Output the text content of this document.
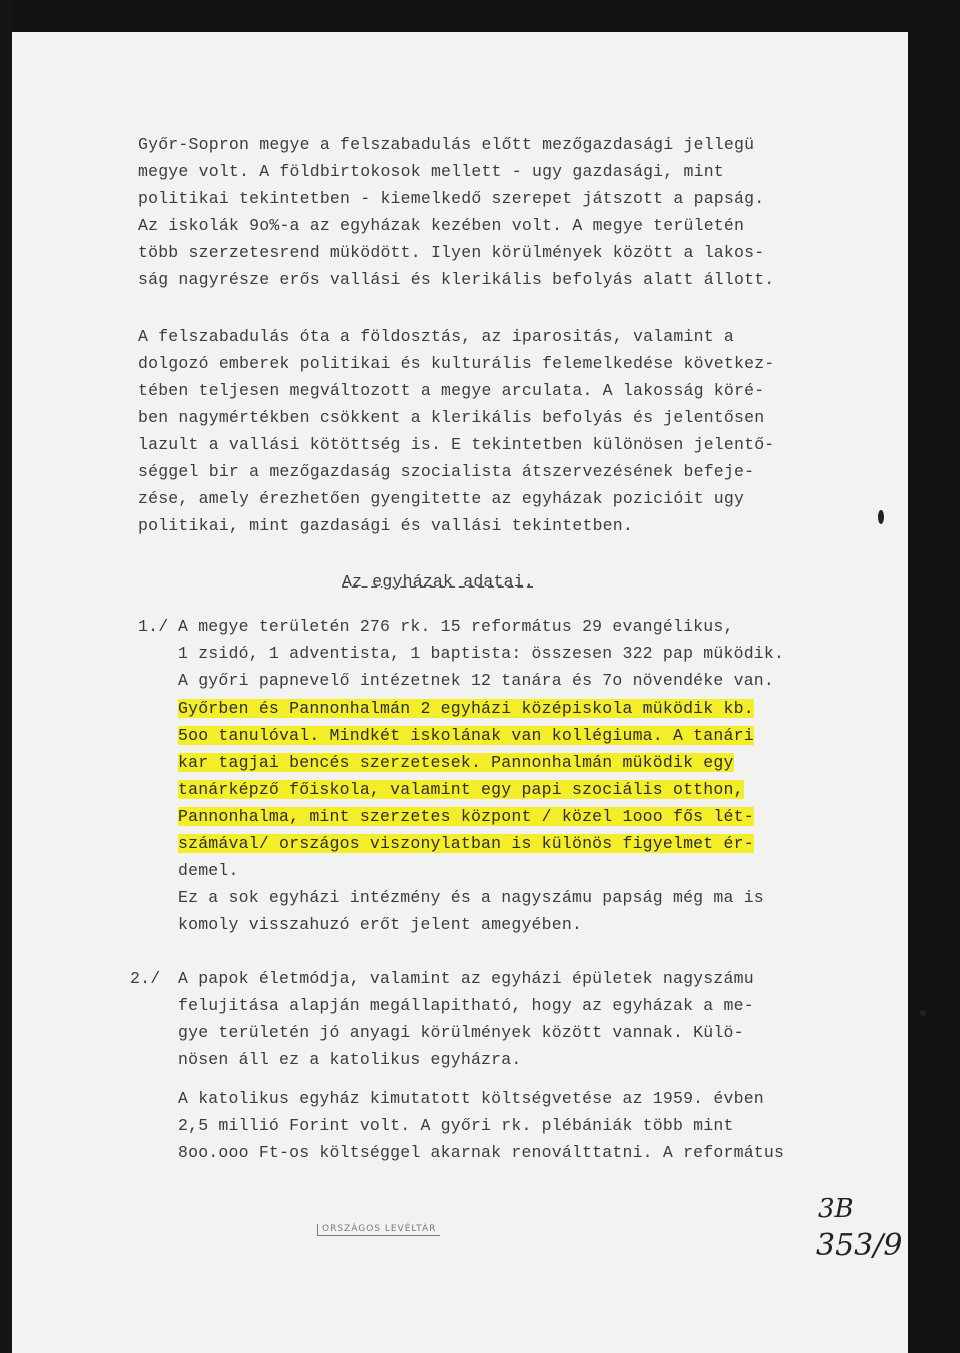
Győr-Sopron megye a felszabadulás előtt mezőgazdasági jellegü
megye volt. A földbirtokosok mellett - ugy gazdasági, mint
politikai tekintetben - kiemelkedő szerepet játszott a papság.
Az iskolák 9o%-a az egyházak kezében volt. A megye területén
több szerzetesrend müködött. Ilyen körülmények között a lakos-
ság nagyrésze erős vallási és klerikális befolyás alatt állott.
A felszabadulás óta a földosztás, az iparositás, valamint a
dolgozó emberek politikai és kulturális felemelkedése következ-
tében teljesen megváltozott a megye arculata. A lakosság köré-
ben nagymértékben csökkent a klerikális befolyás és jelentősen
lazult a vallási kötöttség is. E tekintetben különösen jelentő-
séggel bir a mezőgazdaság szocialista átszervezésének befeje-
zése, amely érezhetően gyengitette az egyházak pozicióit ugy
politikai, mint gazdasági és vallási tekintetben.
Az egyházak adatai.
1./ A megye területén 276 rk. 15 református 29 evangélikus,
1 zsidó, 1 adventista, 1 baptista: összesen 322 pap müködik.
A győri papnevelő intézetnek 12 tanára és 7o növendéke van.
Győrben és Pannonhalmán 2 egyházi középiskola müködik kb.
5oo tanulóval. Mindkét iskolának van kollégiuma. A tanári
kar tagjai bencés szerzetesek. Pannonhalmán müködik egy
tanárképző főiskola, valamint egy papi szociális otthon,
Pannonhalma, mint szerzetes központ / közel 1ooo fős lét-
számával/ országos viszonylatban is különös figyelmet ér-
demel.
Ez a sok egyházi intézmény és a nagyszámu papság még ma is
komoly visszahuzó erőt jelent amegyében.
2./ A papok életmódja, valamint az egyházi épületek nagyszámu
felujitása alapján megállapitható, hogy az egyházak a me-
gye területén jó anyagi körülmények között vannak. Külö-
nösen áll ez a katolikus egyházra.
A katolikus egyház kimutatott költségvetése az 1959. évben
2,5 millió Forint volt. A győri rk. plébániák több mint
8oo.ooo Ft-os költséggel akarnak renoválttatni. A református
ORSZÁGOS LEVÉLTÁR
3B
353/9
